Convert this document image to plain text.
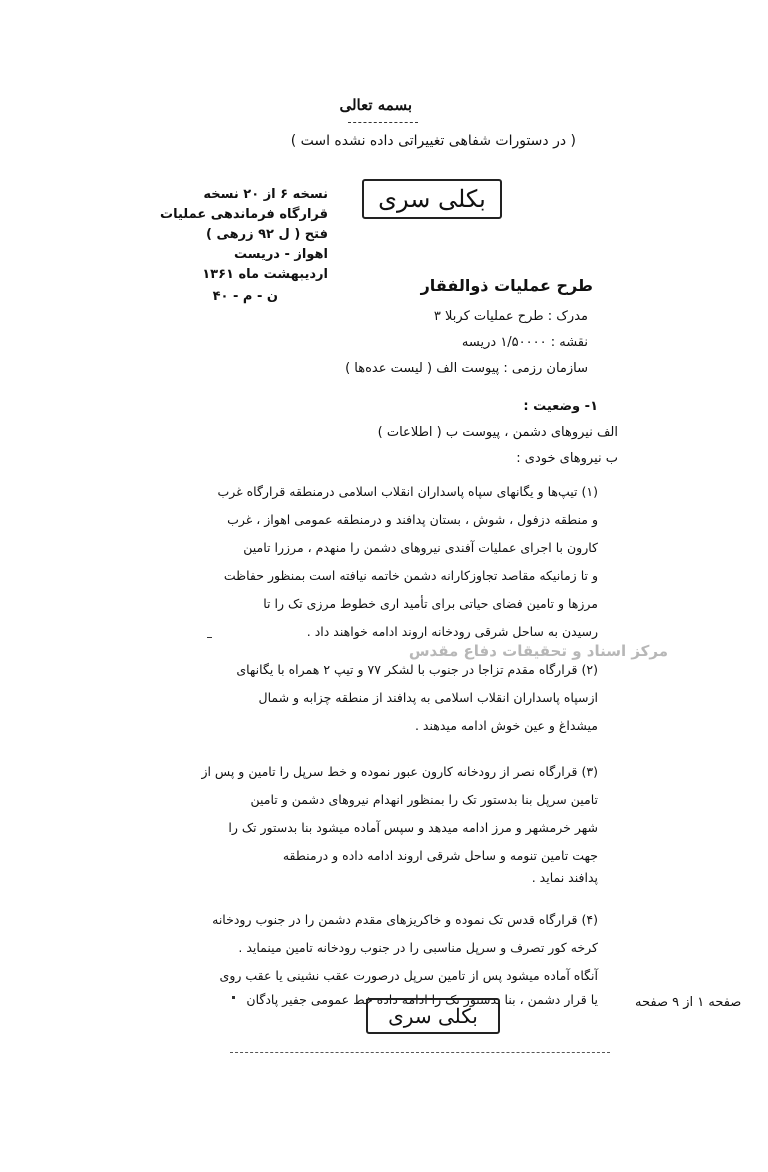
بسمه تعالی
( در دستورات شفاهی تغییراتی داده نشده است )
بکلی سری
نسخه ۶ از ۲۰ نسخه
قرارگاه فرماندهی عملیات
فتح ( ل ۹۲ زرهی )
اهواز - دریست
اردیبهشت ماه ۱۳۶۱
ن - م - ۴۰
طرح عملیات ذوالفقار
مدرک : طرح عملیات کربلا ۳
نقشه : ۱/۵۰۰۰۰ دریسه
سازمان رزمی : پیوست الف ( لیست عده‌ها )
۱- وضعیت :
الف نیروهای دشمن ، پیوست ب ( اطلاعات )
ب نیروهای خودی :
(۱) تیپ‌ها و یگانهای سپاه پاسداران انقلاب اسلامی درمنطقه قرارگاه غرب
و منطقه دزفول ، شوش ، بستان پدافند و درمنطقه عمومی اهواز ، غرب
کارون با اجرای عملیات آفندی نیروهای دشمن را منهدم ، مرزرا تامین
و تا زمانیکه مقاصد تجاوزکارانه دشمن خاتمه نیافته است بمنظور حفاظت
مرزها و تامین فضای حیاتی برای تأمید اری خطوط مرزی تک را تا
رسیدن به ساحل شرقی رودخانه اروند ادامه خواهند داد .
مرکز اسناد و تحقیقات دفاع مقدس
(۲) قرارگاه مقدم تزاجا در جنوب با لشکر ۷۷ و تیپ ۲ همراه با یگانهای
ازسپاه پاسداران انقلاب اسلامی به پدافند از منطقه چزابه و شمال
میشداغ و عین خوش ادامه میدهند .
(۳) قرارگاه نصر از رودخانه کارون عبور نموده و خط سرپل را تامین و پس از
تامین سرپل بنا بدستور تک را بمنظور انهدام نیروهای دشمن و تامین
شهر خرمشهر و مرز ادامه میدهد و سپس آماده میشود بنا بدستور تک را
جهت تامین تنومه و ساحل شرقی اروند ادامه داده و درمنطقه
پدافند نماید .
(۴) قرارگاه قدس تک نموده و خاکریزهای مقدم دشمن را در جنوب رودخانه
کرخه کور تصرف و سرپل مناسبی را در جنوب رودخانه تامین مینماید .
آنگاه آماده میشود پس از تامین سرپل درصورت عقب نشینی یا عقب روی
یا قرار دشمن ، بنا بدستور تک را ادامه داده خط عمومی جفیر پادگان
بکلی سری
صفحه ۱ از ۹ صفحه
